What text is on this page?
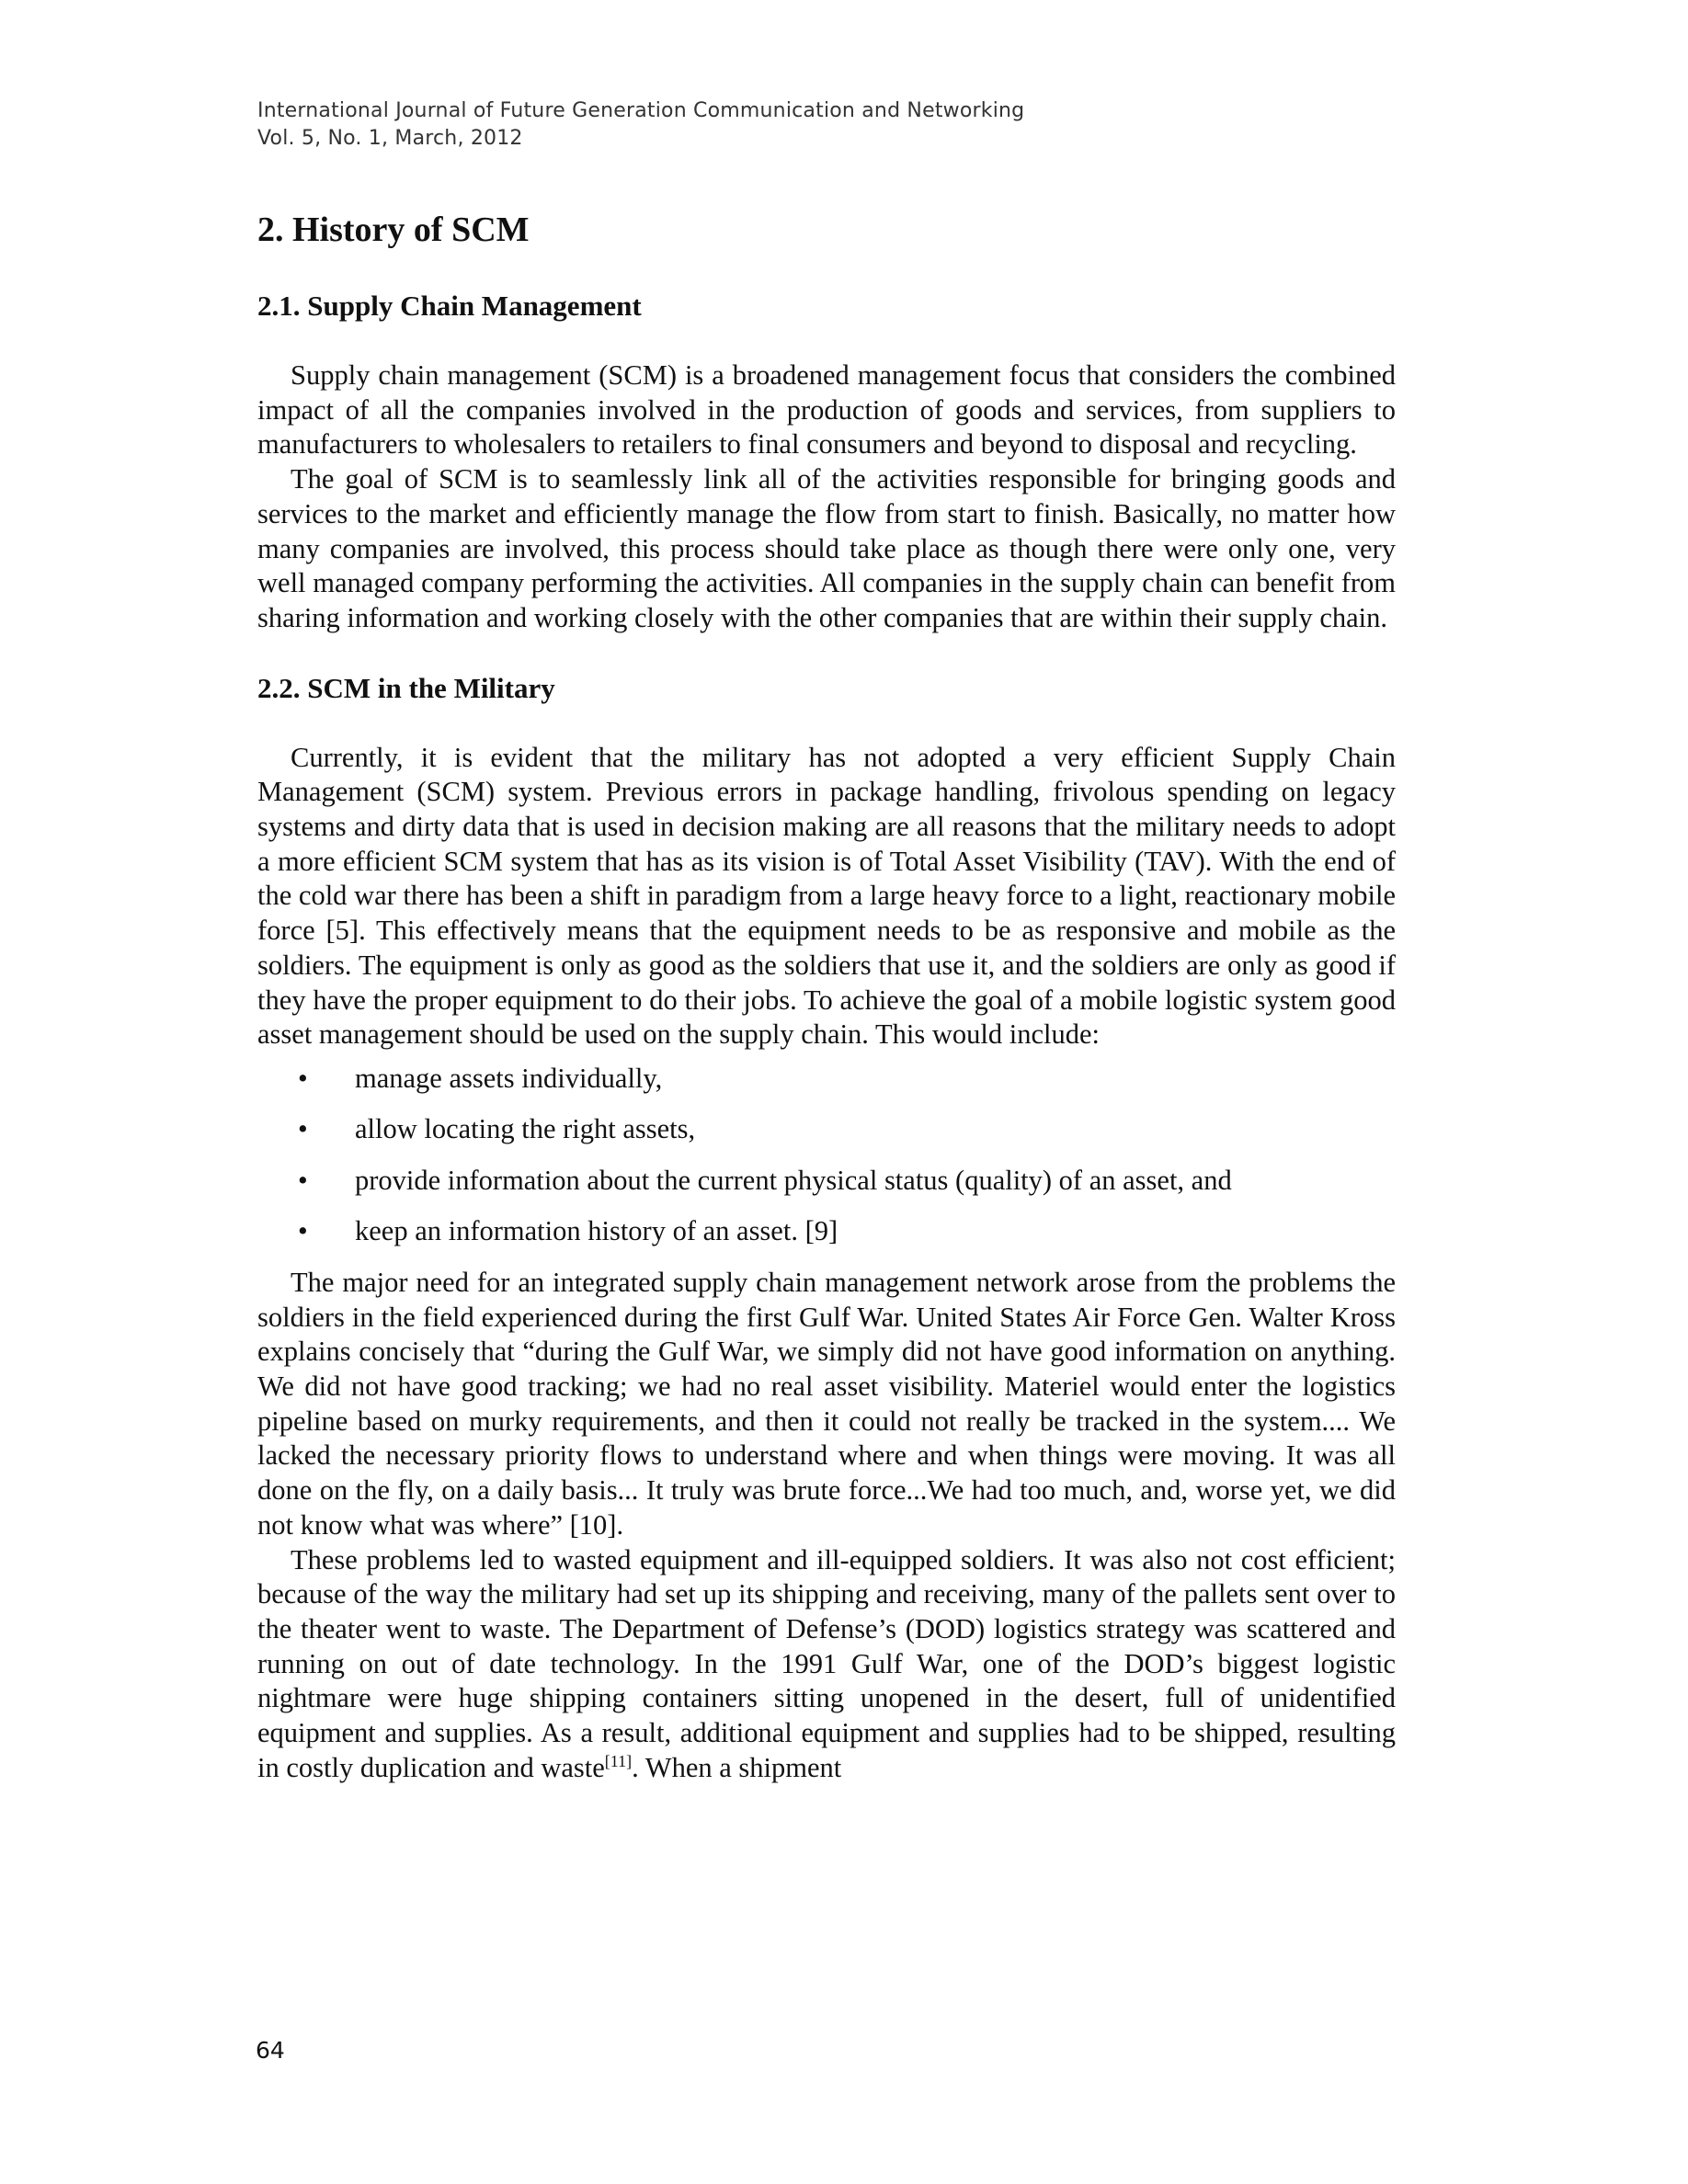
International Journal of Future Generation Communication and Networking
Vol. 5, No. 1, March, 2012
2. History of SCM
2.1. Supply Chain Management

Supply chain management (SCM) is a broadened management focus that considers the combined impact of all the companies involved in the production of goods and services, from suppliers to manufacturers to wholesalers to retailers to final consumers and beyond to disposal and recycling.

The goal of SCM is to seamlessly link all of the activities responsible for bringing goods and services to the market and efficiently manage the flow from start to finish. Basically, no matter how many companies are involved, this process should take place as though there were only one, very well managed company performing the activities. All companies in the supply chain can benefit from sharing information and working closely with the other companies that are within their supply chain.

2.2. SCM in the Military

Currently, it is evident that the military has not adopted a very efficient Supply Chain Management (SCM) system. Previous errors in package handling, frivolous spending on legacy systems and dirty data that is used in decision making are all reasons that the military needs to adopt a more efficient SCM system that has as its vision is of Total Asset Visibility (TAV). With the end of the cold war there has been a shift in paradigm from a large heavy force to a light, reactionary mobile force [5]. This effectively means that the equipment needs to be as responsive and mobile as the soldiers. The equipment is only as good as the soldiers that use it, and the soldiers are only as good if they have the proper equipment to do their jobs. To achieve the goal of a mobile logistic system good asset management should be used on the supply chain. This would include:

•	manage assets individually,
•	allow locating the right assets,
•	provide information about the current physical status (quality) of an asset, and
•	keep an information history of an asset. [9]

The major need for an integrated supply chain management network arose from the problems the soldiers in the field experienced during the first Gulf War. United States Air Force Gen. Walter Kross explains concisely that “during the Gulf War, we simply did not have good information on anything. We did not have good tracking; we had no real asset visibility. Materiel would enter the logistics pipeline based on murky requirements, and then it could not really be tracked in the system.... We lacked the necessary priority flows to understand where and when things were moving. It was all done on the fly, on a daily basis... It truly was brute force...We had too much, and, worse yet, we did not know what was where” [10].

These problems led to wasted equipment and ill-equipped soldiers. It was also not cost efficient; because of the way the military had set up its shipping and receiving, many of the pallets sent over to the theater went to waste. The Department of Defense’s (DOD) logistics strategy was scattered and running on out of date technology. In the 1991 Gulf War, one of the DOD’s biggest logistic nightmare were huge shipping containers sitting unopened in the desert, full of unidentified equipment and supplies. As a result, additional equipment and supplies had to be shipped, resulting in costly duplication and waste[11]. When a shipment

64
